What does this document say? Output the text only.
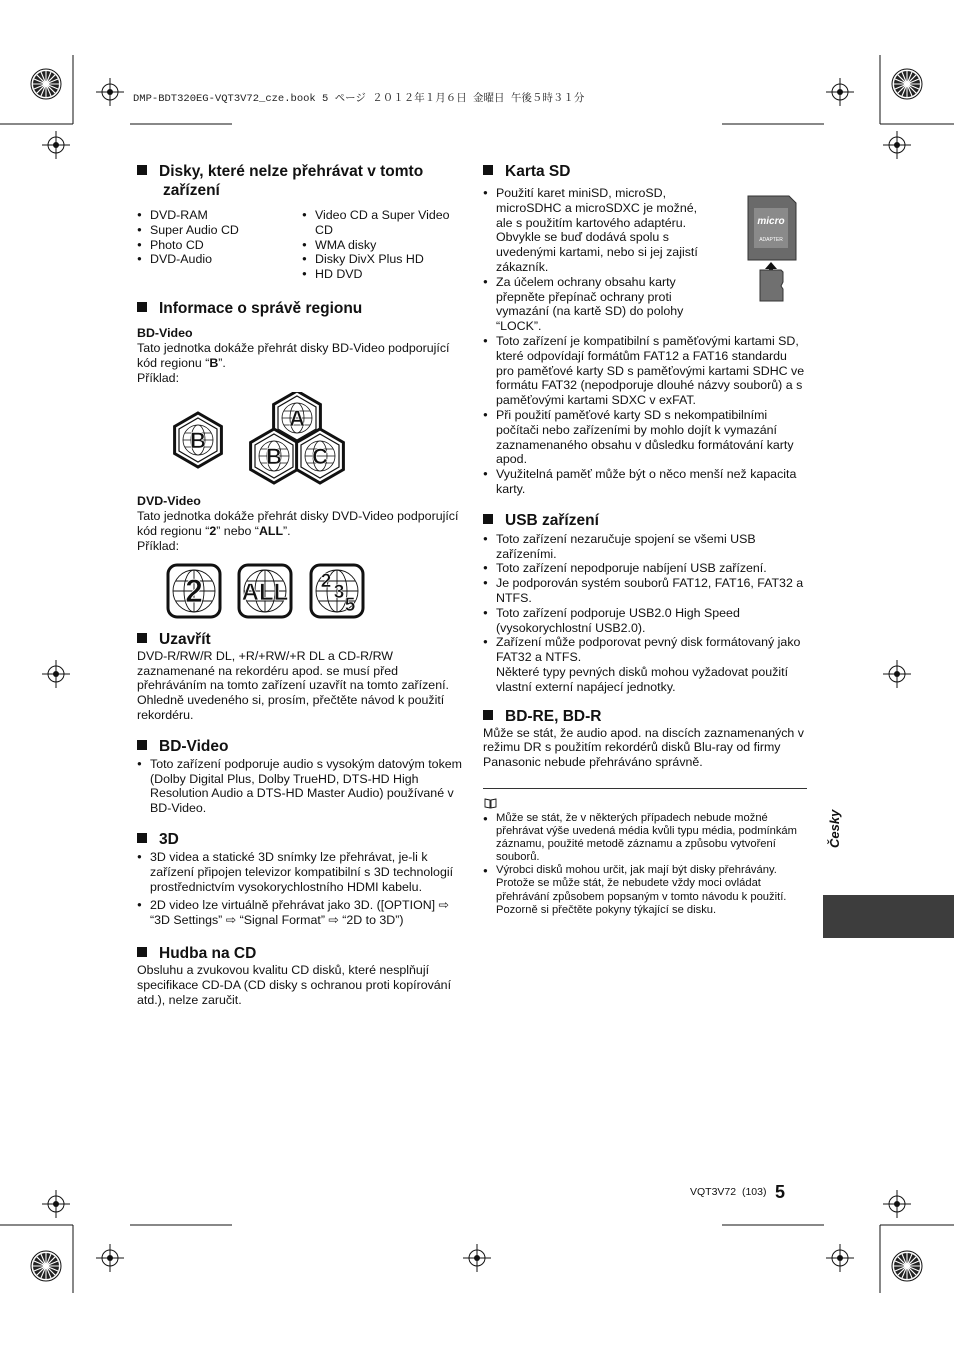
DMP-BDT320EG-VQT3V72_cze.book 5 ページ ２０１２年１月６日 金曜日 午後５時３１分
Disky, které nelze přehrávat v tomto zařízení
● DVD-RAM
● Super Audio CD
● Photo CD
● DVD-Audio
● Video CD a Super Video CD
● WMA disky
● Disky DivX Plus HD
● HD DVD
Informace o správě regionu
BD-Video

Tato jednotka dokáže přehrát disky BD-Video podporující kód regionu “B”.

Příklad:

B
A
B C
DVD-Video

Tato jednotka dokáže přehrát disky DVD-Video podporující kód regionu “2” nebo “ALL”.

Příklad:

2 ALL 2
3
5
Uzavřít

DVD-R/RW/R DL, +R/+RW/+R DL a CD-R/RW zaznamenané na rekordéru apod. se musí před přehráváním na tomto zařízení uzavřít na tomto zařízení. Ohledně uvedeného si, prosím, přečtěte návod k použití rekordéru.

BD-Video
● Toto zařízení podporuje audio s vysokým datovým tokem (Dolby Digital Plus, Dolby TrueHD, DTS-HD High Resolution Audio a DTS-HD Master Audio) používané v BD-Video.
3D
● 3D videa a statické 3D snímky lze přehrávat, je-li k zařízení připojen televizor kompatibilní s 3D technologií prostřednictvím vysokorychlostního HDMI kabelu.
● 2D video lze virtuálně přehrávat jako 3D. ([OPTION] ⇨ “3D Settings” ⇨ “Signal Format” ⇨ “2D to 3D”)
Hudba na CD

Obsluhu a zvukovou kvalitu CD disků, které nesplňují specifikace CD-DA (CD disky s ochranou proti kopírování atd.), nelze zaručit.

Karta SD
● Použití karet miniSD, microSD, microSDHC a microSDXC je možné, ale s použitím kartového adaptéru. Obvykle se buď dodává spolu s uvedenými kartami, nebo si jej zajistí zákazník.
● Za účelem ochrany obsahu karty přepněte přepínač ochrany proti vymazání (na kartě SD) do polohy “LOCK”.
● Toto zařízení je kompatibilní s paměťovými kartami SD, které odpovídají formátům FAT12 a FAT16 standardu pro paměťové karty SD s paměťovými kartami SDHC ve formátu FAT32 (nepodporuje dlouhé názvy souborů) a s paměťovými kartami SDXC v exFAT.
● Při použití paměťové karty SD s nekompatibilními počítači nebo zařízeními by mohlo dojít k vymazání zaznamenaného obsahu v důsledku formátování karty apod.
● Využitelná paměť může být o něco menší než kapacita karty.
USB zařízení
● Toto zařízení nezaručuje spojení se všemi USB zařízeními.
● Toto zařízení nepodporuje nabíjení USB zařízení.
● Je podporován systém souborů FAT12, FAT16, FAT32 a NTFS.
● Toto zařízení podporuje USB2.0 High Speed (vysokorychlostní USB2.0).
● Zařízení může podporovat pevný disk formátovaný jako FAT32 a NTFS.

Některé typy pevných disků mohou vyžadovat použití vlastní externí napájecí jednotky.

BD-RE, BD-R

Může se stát, že audio apod. na discích zaznamenaných v režimu DR s použitím rekordérů disků Blu-ray od firmy Panasonic nebude přehráváno správně.

● Může se stát, že v některých případech nebude možné přehrávat výše uvedená média kvůli typu média, podmínkám záznamu, použité metodě záznamu a způsobu vytvoření souborů.
● Výrobci disků mohou určit, jak mají být disky přehrávány. Protože se může stát, že nebudete vždy moci ovládat přehrávání způsobem popsaným v tomto návodu k použití. Pozorně si přečtěte pokyny týkající se disku.
micro
ADAPTER
Česky
VQT3V72 (103) 5
